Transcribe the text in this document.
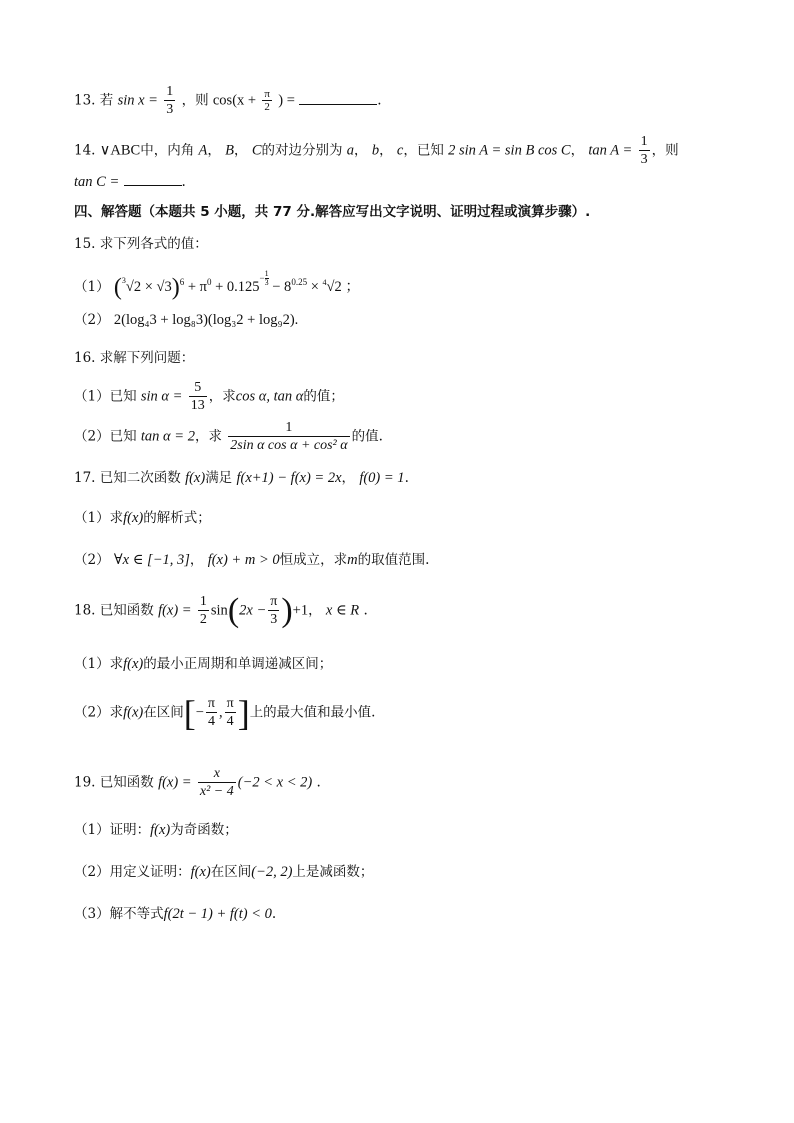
13. 若 $\sin x = \frac{1}{3}$ ，则 $\cos(x + \frac{\pi}{2}$ ) =	.
14. ∨ABC中，内角 A， B， C的对边分别为 a， b， c，已知 2 sin A = sin B cos C， $\tan A = \frac{1}{3}$ ，则
tan C =	.
四、解答题（本题共 5 小题，共 77 分.解答应写出文字说明、证明过程或演算步骤）.
15. 求下列各式的值：
（1） $(^3√2 \times √3)^6 + \pi^0 + 0.125^{- \frac{1}{3}} - 8^{0.25} \times ^4√2$ ；
（2） 2(log₄3 + log₈3)(log₃2 + log₉2).
16. 求解下列问题：
（1）已知 $\sin \alpha = \frac{5}{13}$ ，求cos α, tan α的值；
（2）已知 tan α = 2，求 $\frac{1}{\text{2sin α cos α + cos² α}}$ 的值.
17. 已知二次函数 f(x)满足 f(x+1) − f(x) = 2x， f(0) = 1.
（1）求f(x)的解析式；
（2） ∀x ∈ [−1, 3]， f(x) + m > 0恒成立，求m的取值范围.
18. 已知函数 $f(x) = \frac{1}{2} \sin(2x - \frac{\pi}{3} )+1$， x ∈ R .
（1）求f(x)的最小正周期和单调递减区间；
（2）求f(x)在区间[− $\frac{\pi}{4}$ , $\frac{\pi}{4}$ ]上的最大值和最小值.
19. 已知函数 $f(x) = \frac{x}{\text{x² − 4}} (-2 < x < 2)$ .
（1）证明：f(x)为奇函数；
（2）用定义证明：f(x)在区间(−2, 2)上是减函数；
（3）解不等式f(2t − 1) + f(t) < 0.
